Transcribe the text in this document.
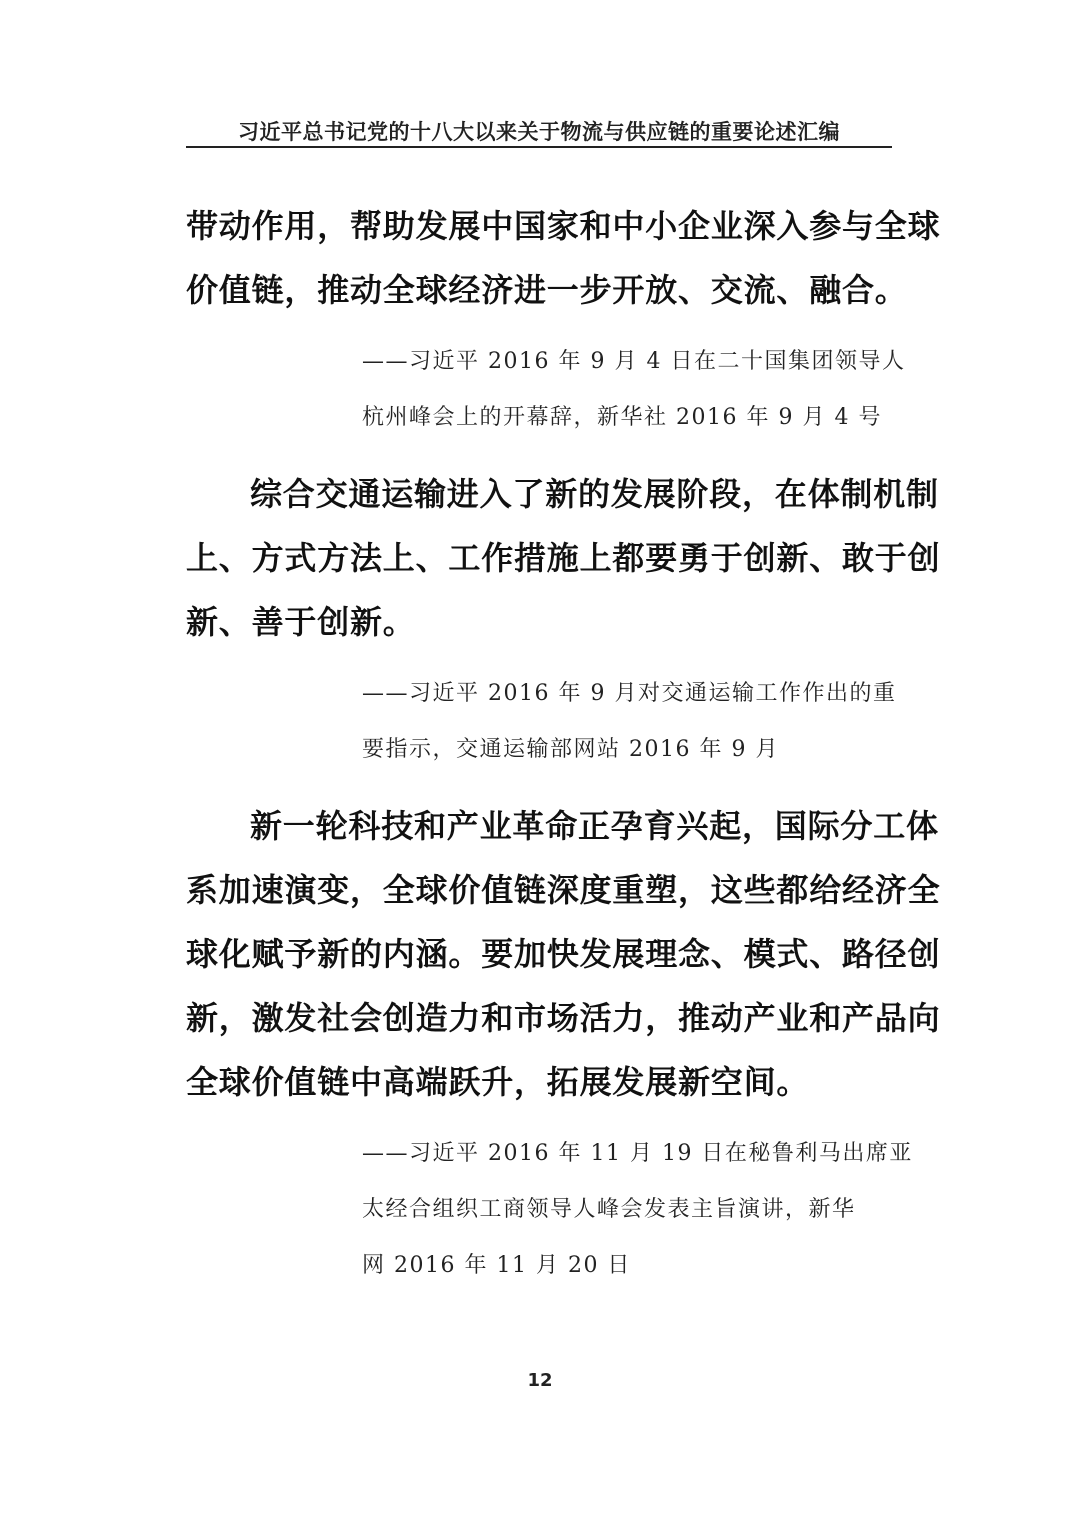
习近平总书记党的十八大以来关于物流与供应链的重要论述汇编
带动作用，帮助发展中国家和中小企业深入参与全球
价值链，推动全球经济进一步开放、交流、融合。
——习近平 2016 年 9 月 4 日在二十国集团领导人
杭州峰会上的开幕辞，新华社 2016 年 9 月 4 号
综合交通运输进入了新的发展阶段，在体制机制
上、方式方法上、工作措施上都要勇于创新、敢于创
新、善于创新。
——习近平 2016 年 9 月对交通运输工作作出的重
要指示，交通运输部网站 2016 年 9 月
新一轮科技和产业革命正孕育兴起，国际分工体
系加速演变，全球价值链深度重塑，这些都给经济全
球化赋予新的内涵。要加快发展理念、模式、路径创
新，激发社会创造力和市场活力，推动产业和产品向
全球价值链中高端跃升，拓展发展新空间。
——习近平 2016 年 11 月 19 日在秘鲁利马出席亚
太经合组织工商领导人峰会发表主旨演讲，新华
网 2016 年 11 月 20 日
12
